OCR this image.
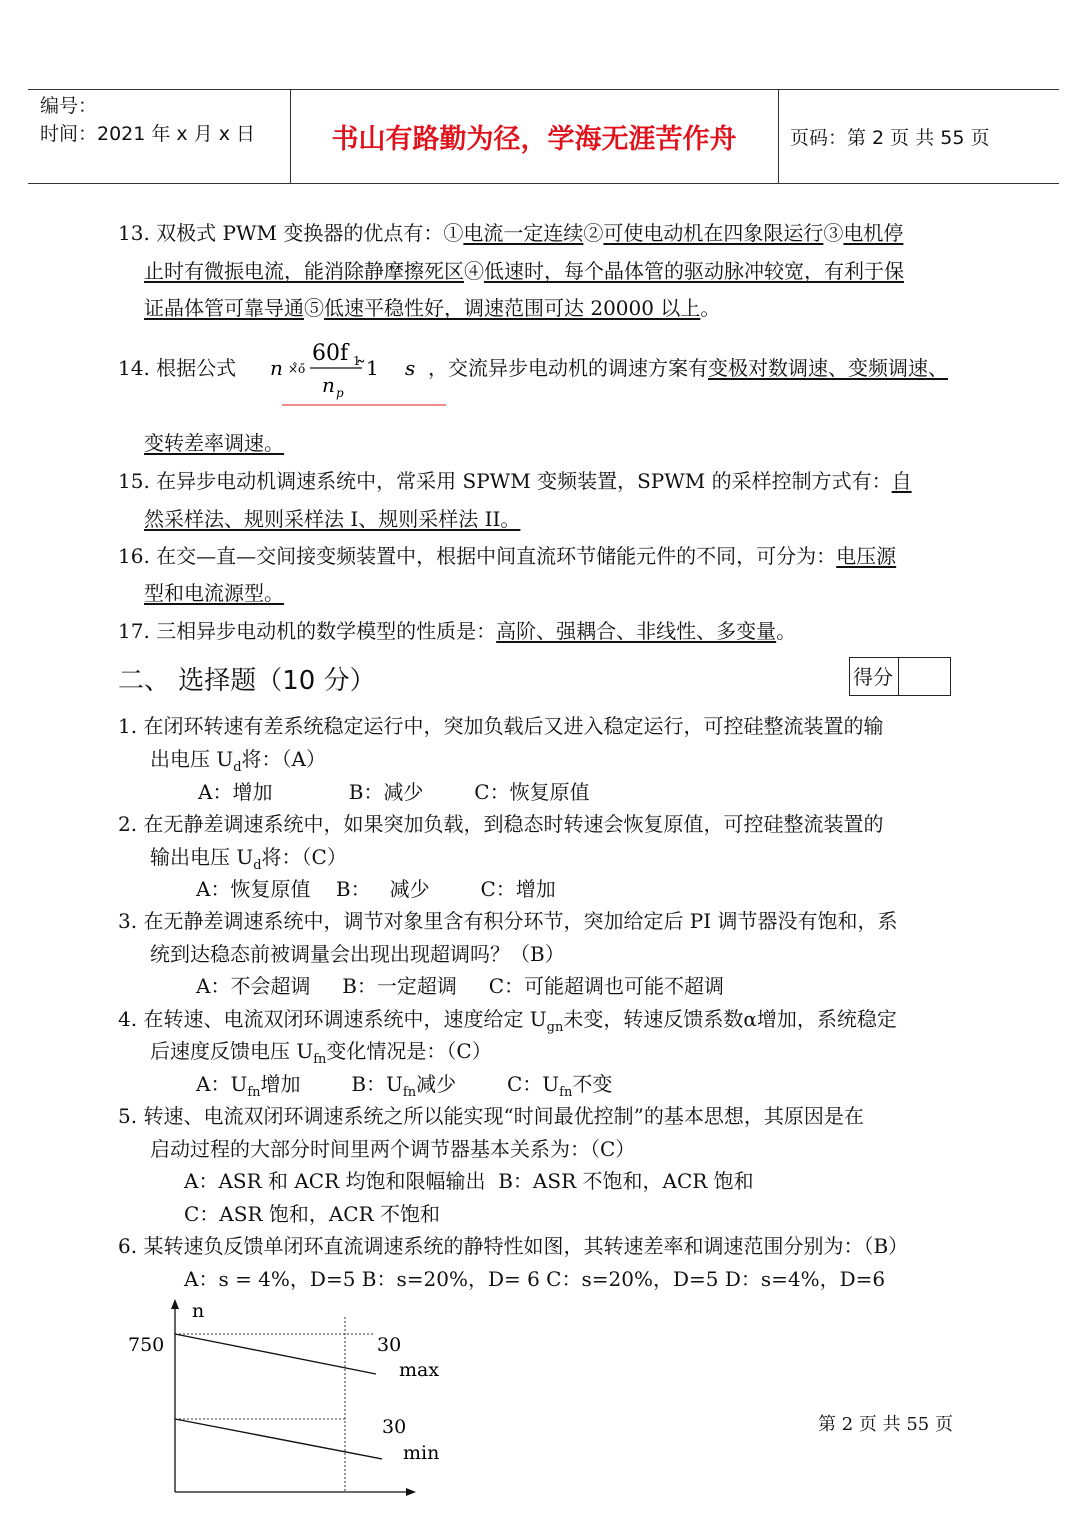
编号：
时间：2021 年 x 月 x 日	书山有路勤为径，学海无涯苦作舟	页码：第 2 页 共 55 页
13. 双极式 PWM 变换器的优点有：①电流一定连续②可使电动机在四象限运行③电机停
止时有微振电流，能消除静摩擦死区④低速时，每个晶体管的驱动脉冲较宽，有利于保
证晶体管可靠导通⑤低速平稳性好，调速范围可达 20000 以上。
14. 根据公式 n ×̊ő
60f 1
n p
̃1 s ，交流异步电动机的调速方案有变极对数调速、变频调速、
变转差率调速。
15. 在异步电动机调速系统中，常采用 SPWM 变频装置，SPWM 的采样控制方式有：自
然采样法、规则采样法 I、规则采样法 II。
16. 在交—直—交间接变频装置中，根据中间直流环节储能元件的不同，可分为：电压源
型和电流源型。
17. 三相异步电动机的数学模型的性质是：高阶、强耦合、非线性、多变量。
二、 选择题（10 分）	得分
1. 在闭环转速有差系统稳定运行中，突加负载后又进入稳定运行，可控硅整流装置的输
出电压 $U_d$将：（A）
A：增加            B：减少        C：恢复原值
2. 在无静差调速系统中，如果突加负载，到稳态时转速会恢复原值，可控硅整流装置的
输出电压 $U_d$将：（C）
A：恢复原值    B：   减少        C：增加
3. 在无静差调速系统中，调节对象里含有积分环节，突加给定后 PI 调节器没有饱和，系
统到达稳态前被调量会出现出现超调吗？（B）
A：不会超调     B：一定超调     C：可能超调也可能不超调
4. 在转速、电流双闭环调速系统中，速度给定 $U_{gn}$未变，转速反馈系数α增加，系统稳定
后速度反馈电压 $U_{fn}$变化情况是：（C）
A：$U_{fn}$增加        B：$U_{fn}$减少        C：$U_{fn}$不变
5. 转速、电流双闭环调速系统之所以能实现“时间最优控制”的基本思想，其原因是在
启动过程的大部分时间里两个调节器基本关系为：（C）
A：ASR 和 ACR 均饱和限幅输出  B：ASR 不饱和，ACR 饱和
C：ASR 饱和，ACR 不饱和
6. 某转速负反馈单闭环直流调速系统的静特性如图，其转速差率和调速范围分别为：（B）
A：s = 4%，D=5 B：s=20%，D= 6 C：s=20%，D=5 D：s=4%，D=6
n
750	30
max
30
min
第 2 页 共 55 页
